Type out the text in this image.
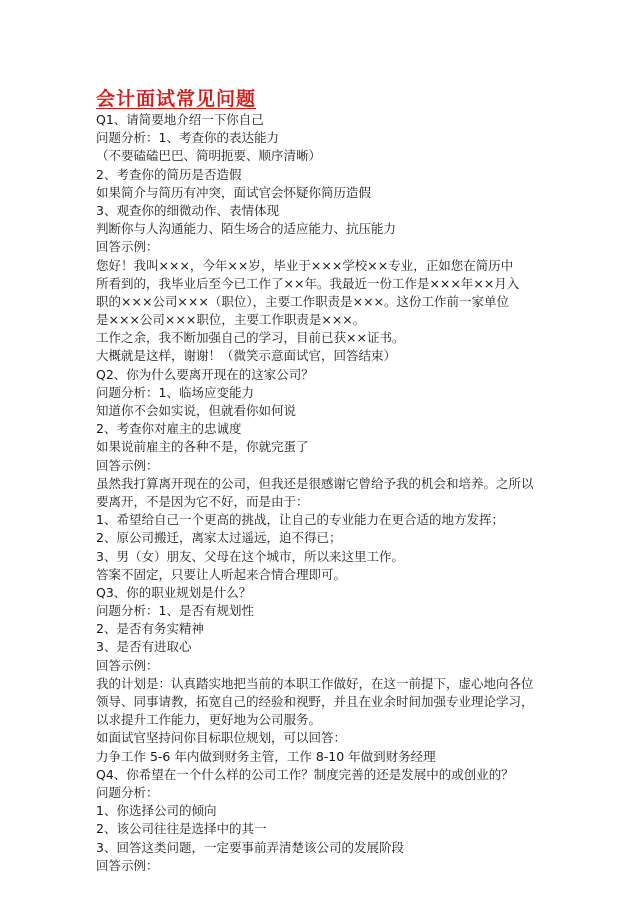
会计面试常见问题
Q1、请简要地介绍一下你自己
问题分析：1、考查你的表达能力
（不要磕磕巴巴、简明扼要、顺序清晰）
2、考查你的简历是否造假
如果简介与简历有冲突，面试官会怀疑你简历造假
3、观查你的细微动作、表情体现
判断你与人沟通能力、陌生场合的适应能力、抗压能力
回答示例：
您好！我叫×××，今年××岁，毕业于×××学校××专业，正如您在简历中
所看到的，我毕业后至今已工作了××年。我最近一份工作是×××年××月入
职的×××公司×××（职位），主要工作职责是×××。这份工作前一家单位
是×××公司×××职位，主要工作职责是×××。
工作之余，我不断加强自己的学习，目前已获××证书。
大概就是这样，谢谢！（微笑示意面试官，回答结束）
Q2、你为什么要离开现在的这家公司？
问题分析：1、临场应变能力
知道你不会如实说，但就看你如何说
2、考查你对雇主的忠诚度
如果说前雇主的各种不是，你就完蛋了
回答示例：
虽然我打算离开现在的公司，但我还是很感谢它曾给予我的机会和培养。之所以
要离开，不是因为它不好，而是由于：
1、希望给自己一个更高的挑战，让自己的专业能力在更合适的地方发挥；
2、原公司搬迁，离家太过遥远，迫不得已；
3、男（女）朋友、父母在这个城市，所以来这里工作。
答案不固定，只要让人听起来合情合理即可。
Q3、你的职业规划是什么？
问题分析：1、是否有规划性
2、是否有务实精神
3、是否有进取心
回答示例：
我的计划是：认真踏实地把当前的本职工作做好，在这一前提下，虚心地向各位
领导、同事请教，拓宽自己的经验和视野，并且在业余时间加强专业理论学习，
以求提升工作能力，更好地为公司服务。
如面试官坚持问你目标职位规划，可以回答：
力争工作 5-6 年内做到财务主管，工作 8-10 年做到财务经理
Q4、你希望在一个什么样的公司工作？制度完善的还是发展中的或创业的？
问题分析：
1、你选择公司的倾向
2、该公司往往是选择中的其一
3、回答这类问题，一定要事前弄清楚该公司的发展阶段
回答示例：
